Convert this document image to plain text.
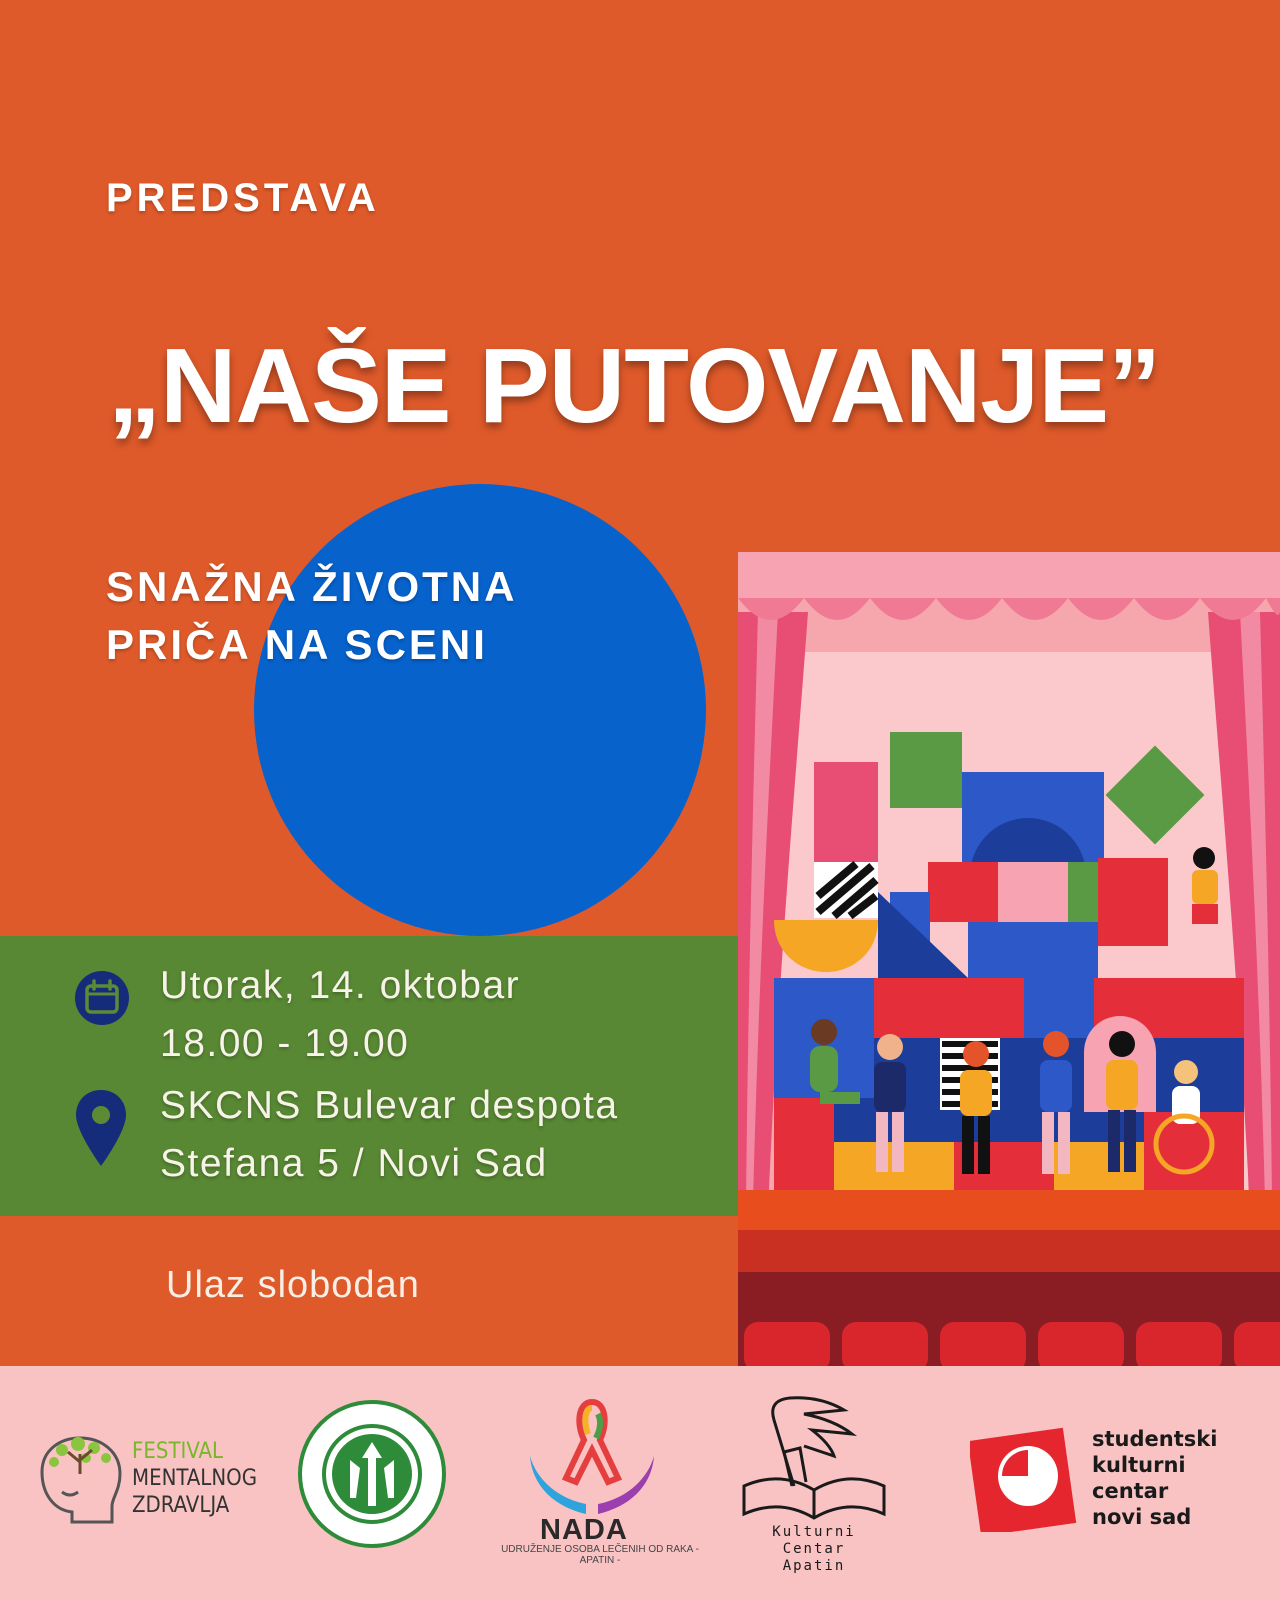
PREDSTAVA
„NAŠE PUTOVANJE”
SNAŽNA ŽIVOTNA
PRIČA NA SCENI
Utorak, 14. oktobar
18.00 - 19.00
SKCNS Bulevar despota
Stefana 5 / Novi Sad
Ulaz slobodan
FESTIVAL
MENTALNOG
ZDRAVLJA
NADA
UDRUŽENJE OSOBA LEČENIH OD RAKA - APATIN -
Kulturni Centar Apatin
studentski
kulturni
centar
novi sad
